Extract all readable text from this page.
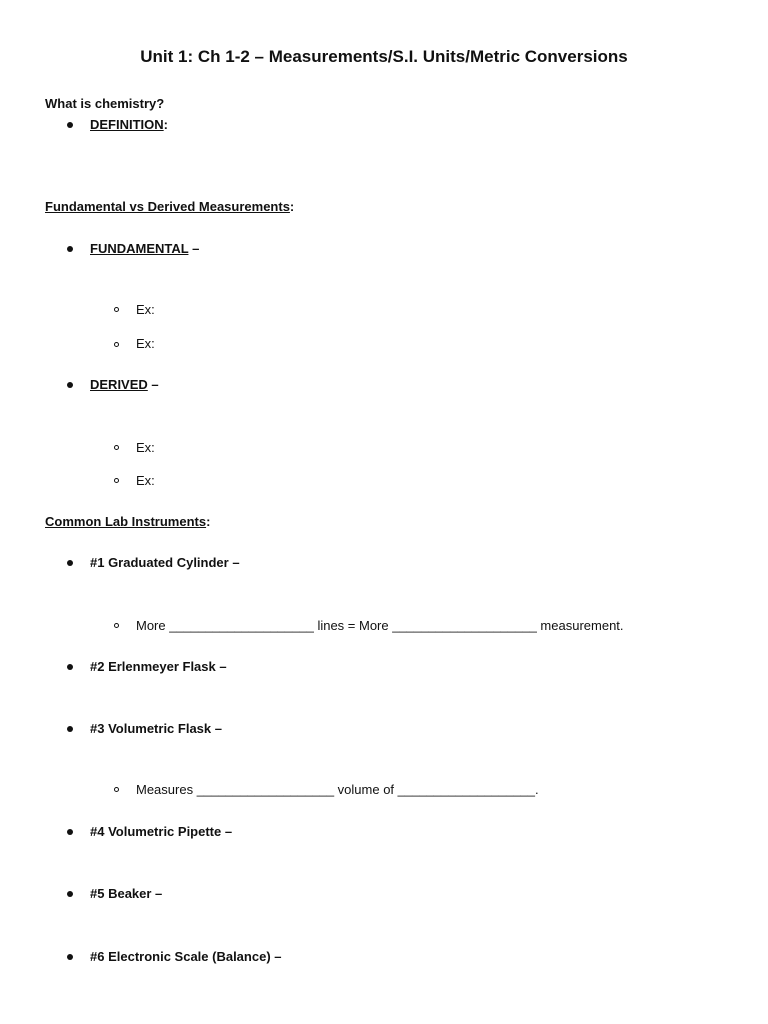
Unit 1: Ch 1-2 – Measurements/S.I. Units/Metric Conversions
What is chemistry?
DEFINITION:
Fundamental vs Derived Measurements:
FUNDAMENTAL –
Ex:
Ex:
DERIVED –
Ex:
Ex:
Common Lab Instruments:
#1 Graduated Cylinder –
More ____________________ lines = More ____________________ measurement.
#2 Erlenmeyer Flask –
#3 Volumetric Flask –
Measures ___________________ volume of ___________________.
#4 Volumetric Pipette –
#5 Beaker –
#6 Electronic Scale (Balance) –
